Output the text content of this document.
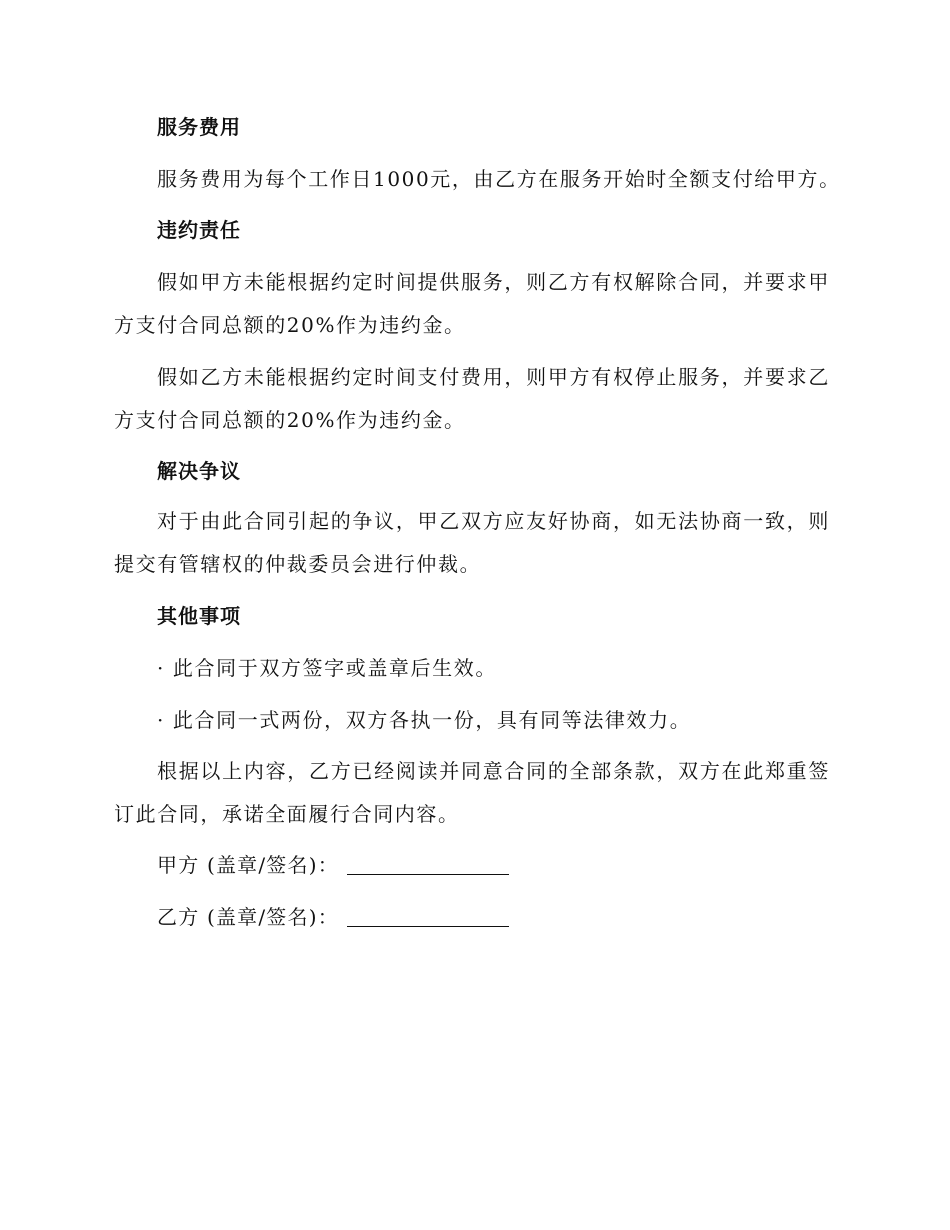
服务费用
服务费用为每个工作日1000元，由乙方在服务开始时全额支付给甲方。
违约责任
假如甲方未能根据约定时间提供服务，则乙方有权解除合同，并要求甲方支付合同总额的20%作为违约金。
假如乙方未能根据约定时间支付费用，则甲方有权停止服务，并要求乙方支付合同总额的20%作为违约金。
解决争议
对于由此合同引起的争议，甲乙双方应友好协商，如无法协商一致，则提交有管辖权的仲裁委员会进行仲裁。
其他事项
· 此合同于双方签字或盖章后生效。
· 此合同一式两份，双方各执一份，具有同等法律效力。
根据以上内容，乙方已经阅读并同意合同的全部条款，双方在此郑重签订此合同，承诺全面履行合同内容。
甲方 (盖章/签名)：
乙方 (盖章/签名)：
